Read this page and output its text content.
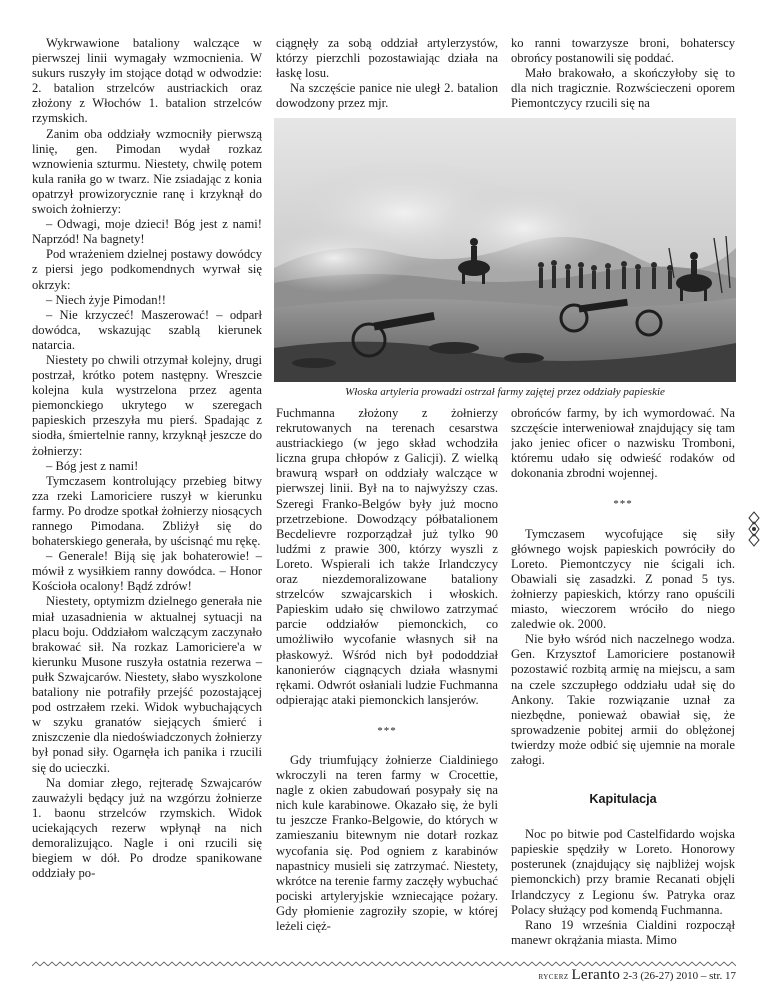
Wykrwawione bataliony walczące w pierwszej linii wymagały wzmocnienia. W sukurs ruszyły im stojące dotąd w odwodzie: 2. batalion strzelców austriackich oraz złożony z Włochów 1. batalion strzelców rzymskich.

Zanim oba oddziały wzmocniły pierwszą linię, gen. Pimodan wydał rozkaz wznowienia szturmu. Niestety, chwilę potem kula raniła go w twarz. Nie zsiadając z konia opatrzył prowizorycznie ranę i krzyknął do swoich żołnierzy:

– Odwagi, moje dzieci! Bóg jest z nami! Naprzód! Na bagnety!

Pod wrażeniem dzielnej postawy dowódcy z piersi jego podkomendnych wyrwał się okrzyk:

– Niech żyje Pimodan!!

– Nie krzyczeć! Maszerować! – odparł dowódca, wskazując szablą kierunek natarcia.

Niestety po chwili otrzymał kolejny, drugi postrzał, krótko potem następny. Wreszcie kolejna kula wystrzelona przez agenta piemonckiego ukrytego w szeregach papieskich przeszyła mu pierś. Spadając z siodła, śmiertelnie ranny, krzyknął jeszcze do żołnierzy:

– Bóg jest z nami!

Tymczasem kontrolujący przebieg bitwy zza rzeki Lamoriciere ruszył w kierunku farmy. Po drodze spotkał żołnierzy niosących rannego Pimodana. Zbliżył się do bohaterskiego generała, by uścisnąć mu rękę.

– Generale! Biją się jak bohaterowie! – mówił z wysiłkiem ranny dowódca. – Honor Kościoła ocalony! Bądź zdrów!

Niestety, optymizm dzielnego generała nie miał uzasadnienia w aktualnej sytuacji na placu boju. Oddziałom walczącym zaczynało brakować sił. Na rozkaz Lamoriciere'a w kierunku Musone ruszyła ostatnia rezerwa – pułk Szwajcarów. Niestety, słabo wyszkolone bataliony nie potrafiły przejść pozostającej pod ostrzałem rzeki. Widok wybuchających w szyku granatów siejących śmierć i zniszczenie dla niedoświadczonych żołnierzy był ponad siły. Ogarnęła ich panika i rzucili się do ucieczki.

Na domiar złego, rejteradę Szwajcarów zauważyli będący już na wzgórzu żołnierze 1. baonu strzelców rzymskich. Widok uciekających rezerw wpłynął na nich demoralizująco. Nagle i oni rzucili się biegiem w dół. Po drodze spanikowane oddziały po-

ciągnęły za sobą oddział artylerzystów, którzy pierzchli pozostawiając działa na łaskę losu.

Na szczęście panice nie uległ 2. batalion dowodzony przez mjr.

ko ranni towarzysze broni, bohaterscy obrońcy postanowili się poddać.

Mało brakowało, a skończyłoby się to dla nich tragicznie. Rozwścieczeni oporem Piemontczycy rzucili się na

Włoska artyleria prowadzi ostrzał farmy zajętej przez oddziały papieskie

Fuchmanna złożony z żołnierzy rekrutowanych na terenach cesarstwa austriackiego (w jego skład wchodziła liczna grupa chłopów z Galicji). Z wielką brawurą wsparł on oddziały walczące w pierwszej linii. Był na to najwyższy czas. Szeregi Franko-Belgów były już mocno przetrzebione. Dowodzący półbatalionem Becdelievre rozporządzał już tylko 90 ludźmi z prawie 300, którzy wyszli z Loreto. Wspierali ich także Irlandczycy oraz niezdemoralizowane bataliony strzelców szwajcarskich i włoskich. Papieskim udało się chwilowo zatrzymać parcie oddziałów piemonckich, co umożliwiło wycofanie własnych sił na płaskowyż. Wśród nich był pododdział kanonierów ciągnących działa własnymi rękami. Odwrót osłaniali ludzie Fuchmanna odpierając ataki piemonckich lansjerów.

***

Gdy triumfujący żołnierze Cialdiniego wkroczyli na teren farmy w Crocettie, nagle z okien zabudowań posypały się na nich kule karabinowe. Okazało się, że byli tu jeszcze Franko-Belgowie, do których w zamieszaniu bitewnym nie dotarł rozkaz wycofania się. Pod ogniem z karabinów napastnicy musieli się zatrzymać. Niestety, wkrótce na terenie farmy zaczęły wybuchać pociski artyleryjskie wzniecające pożary. Gdy płomienie zagroziły szopie, w której leżeli cięż-

obrońców farmy, by ich wymordować. Na szczęście interweniował znajdujący się tam jako jeniec oficer o nazwisku Tromboni, któremu udało się odwieść rodaków od dokonania zbrodni wojennej.

***

Tymczasem wycofujące się siły głównego wojsk papieskich powróciły do Loreto. Piemontczycy nie ścigali ich. Obawiali się zasadzki. Z ponad 5 tys. żołnierzy papieskich, którzy rano opuścili miasto, wieczorem wróciło do niego zaledwie ok. 2000.

Nie było wśród nich naczelnego wodza. Gen. Krzysztof Lamoriciere postanowił pozostawić rozbitą armię na miejscu, a sam na czele szczupłego oddziału udał się do Ankony. Takie rozwiązanie uznał za niezbędne, ponieważ obawiał się, że sprowadzenie pobitej armii do oblężonej twierdzy może odbić się ujemnie na morale załogi.

Kapitulacja

Noc po bitwie pod Castelfidardo wojska papieskie spędziły w Loreto. Honorowy posterunek (znajdujący się najbliżej wojsk piemonckich) przy bramie Recanati objęli Irlandczycy z Legionu św. Patryka oraz Polacy służący pod komendą Fuchmanna.

Rano 19 września Cialdini rozpoczął manewr okrążania miasta. Mimo

rycerz Leranto 2-3 (26-27) 2010 – str. 17
